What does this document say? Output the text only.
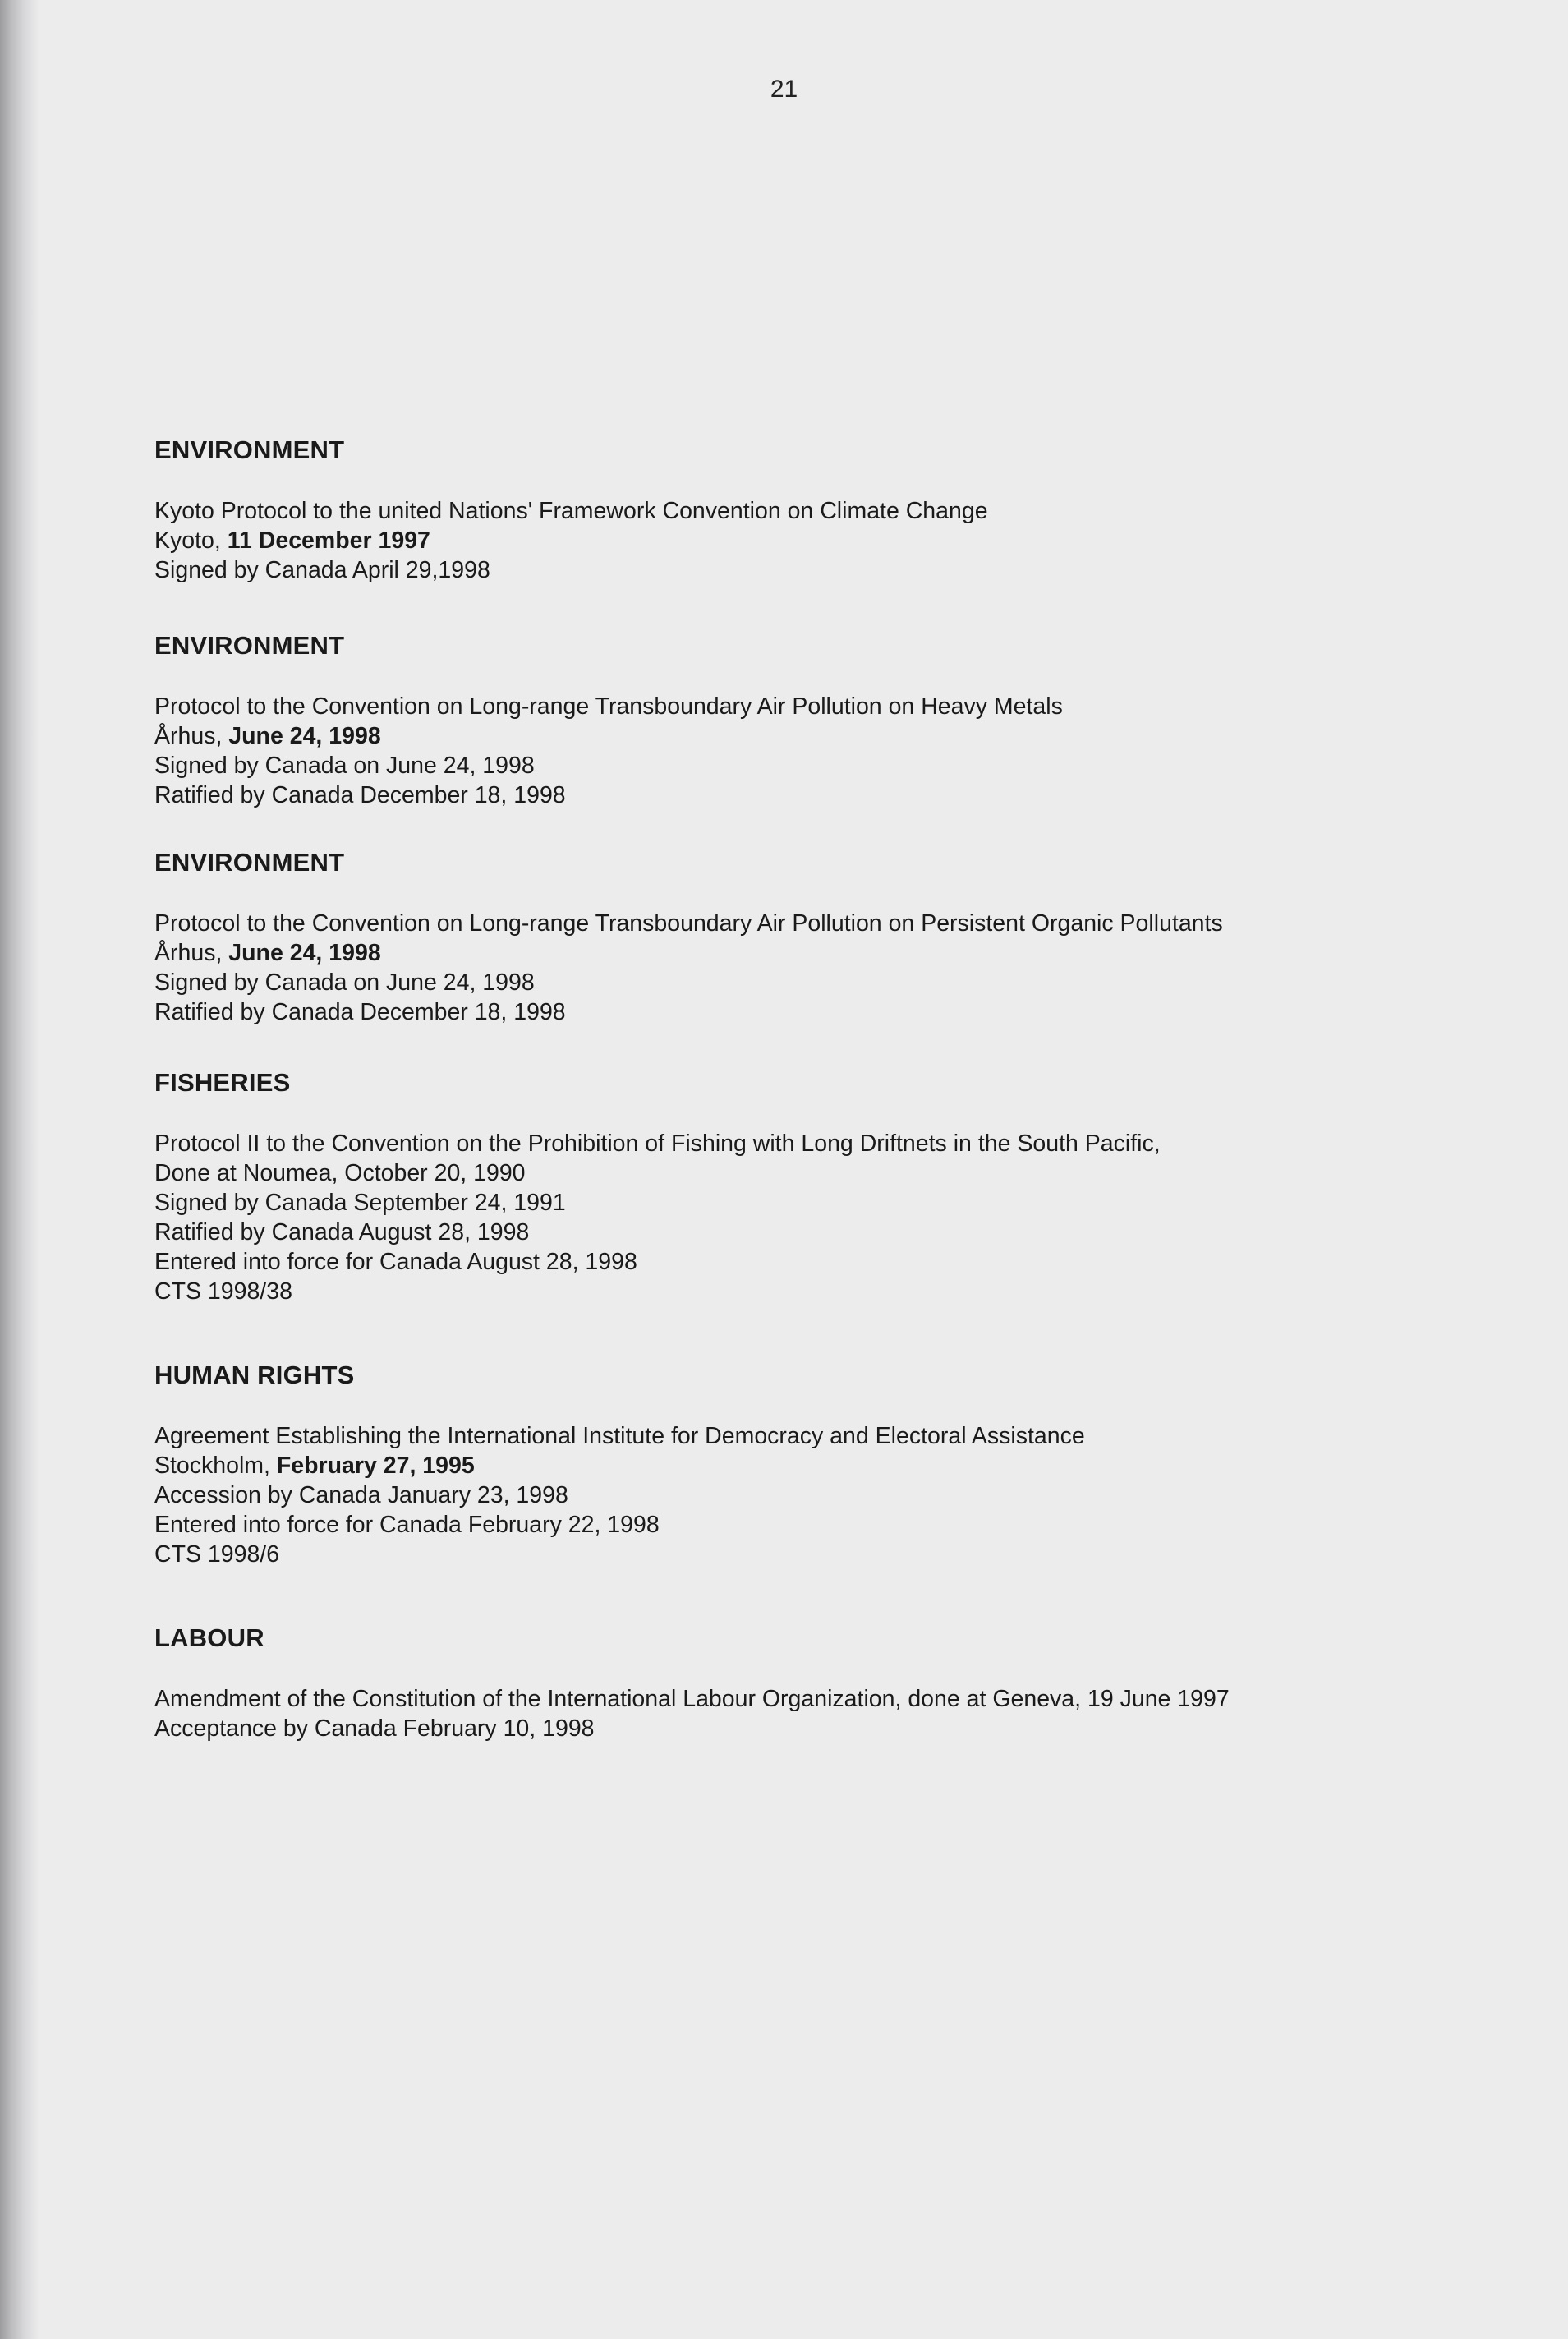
21
ENVIRONMENT
Kyoto Protocol to the united Nations' Framework Convention on Climate Change
Kyoto, 11 December 1997
Signed by Canada April 29,1998
ENVIRONMENT
Protocol to the Convention on Long-range Transboundary Air Pollution on Heavy Metals
Århus, June 24, 1998
Signed by Canada on June 24, 1998
Ratified by Canada December 18, 1998
ENVIRONMENT
Protocol to the Convention on Long-range Transboundary Air Pollution on Persistent Organic Pollutants
Århus, June 24, 1998
Signed by Canada on June 24, 1998
Ratified by Canada December 18, 1998
FISHERIES
Protocol II to the Convention on the Prohibition of Fishing with Long Driftnets in the South Pacific,
Done at Noumea, October 20, 1990
Signed by Canada September 24, 1991
Ratified by Canada August 28, 1998
Entered into force for Canada August 28, 1998
CTS 1998/38
HUMAN RIGHTS
Agreement Establishing the International Institute for Democracy and Electoral Assistance
Stockholm, February 27, 1995
Accession by Canada January 23, 1998
Entered into force for Canada February 22, 1998
CTS 1998/6
LABOUR
Amendment of the Constitution of the International Labour Organization, done at Geneva, 19 June 1997
Acceptance by Canada February 10, 1998
